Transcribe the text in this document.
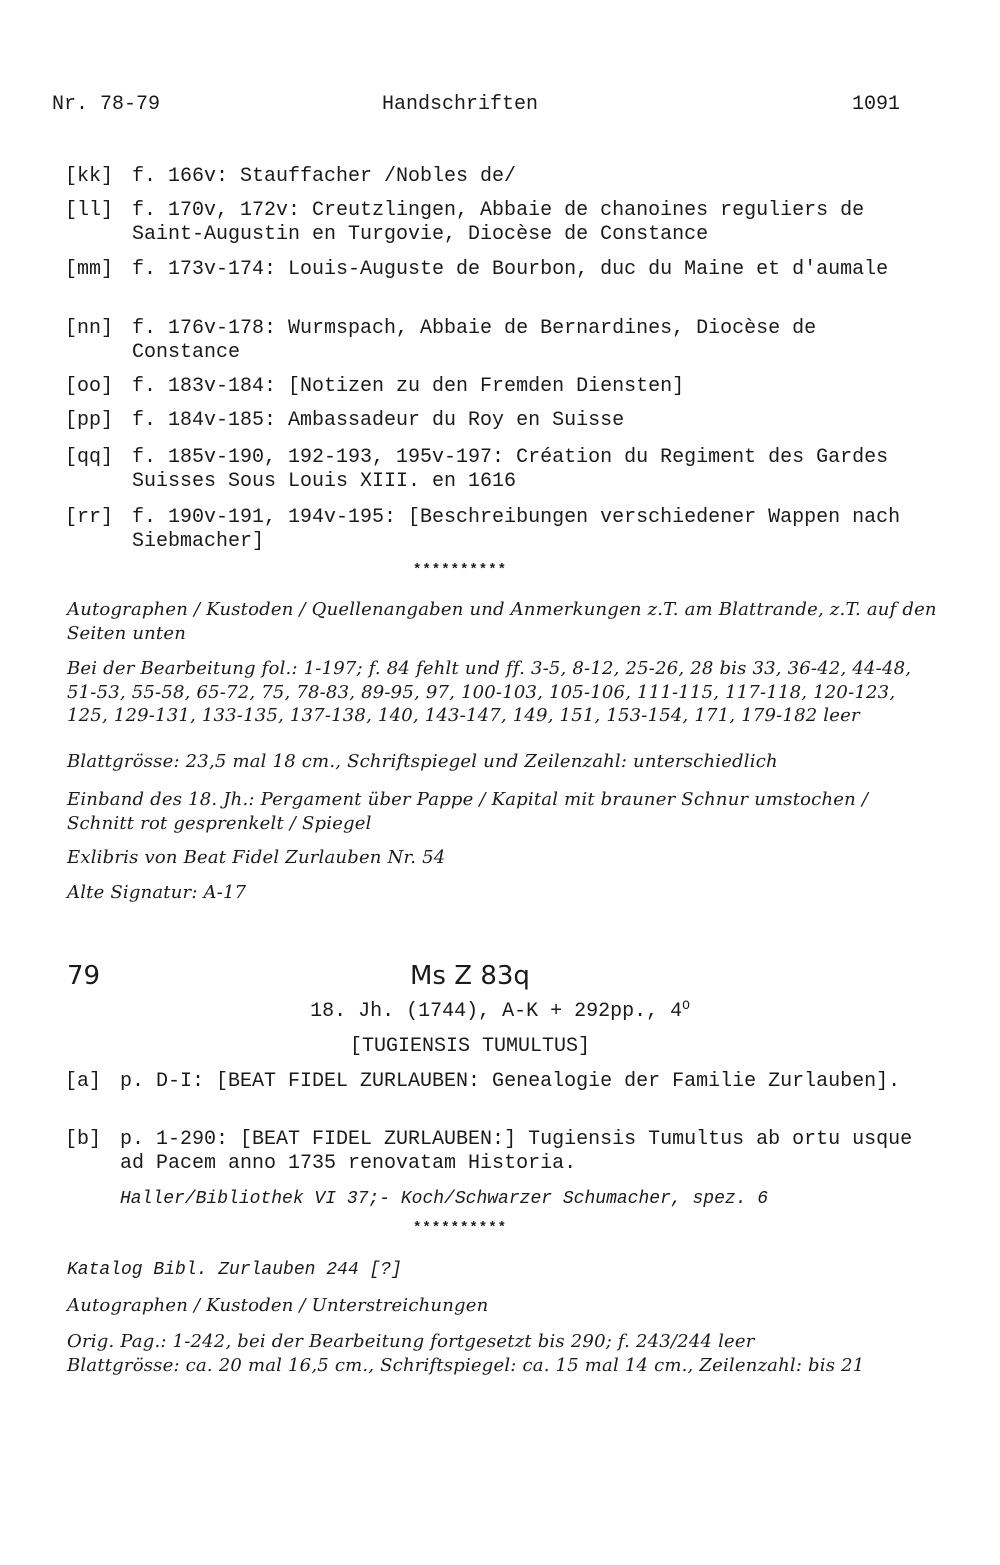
Nr. 78-79	Handschriften	1091
[kk] f. 166v: Stauffacher /Nobles de/
[ll] f. 170v, 172v: Creutzlingen, Abbaie de chanoines reguliers de Saint-Augustin en Turgovie, Diocèse de Constance
[mm] f. 173v-174: Louis-Auguste de Bourbon, duc du Maine et d'aumale
[nn] f. 176v-178: Wurmspach, Abbaie de Bernardines, Diocèse de Constance
[oo] f. 183v-184: [Notizen zu den Fremden Diensten]
[pp] f. 184v-185: Ambassadeur du Roy en Suisse
[qq] f. 185v-190, 192-193, 195v-197: Création du Regiment des Gardes Suisses Sous Louis XIII. en 1616
[rr] f. 190v-191, 194v-195: [Beschreibungen verschiedener Wappen nach Siebmacher]
**********
Autographen / Kustoden / Quellenangaben und Anmerkungen z.T. am Blattrande, z.T. auf den Seiten unten
Bei der Bearbeitung fol.: 1-197; f. 84 fehlt und ff. 3-5, 8-12, 25-26, 28 bis 33, 36-42, 44-48, 51-53, 55-58, 65-72, 75, 78-83, 89-95, 97, 100-103, 105-106, 111-115, 117-118, 120-123, 125, 129-131, 133-135, 137-138, 140, 143-147, 149, 151, 153-154, 171, 179-182 leer
Blattgrösse: 23,5 mal 18 cm., Schriftspiegel und Zeilenzahl: unterschiedlich
Einband des 18. Jh.: Pergament über Pappe / Kapital mit brauner Schnur umstochen / Schnitt rot gesprenkelt / Spiegel
Exlibris von Beat Fidel Zurlauben Nr. 54
Alte Signatur: A-17
79	Ms Z 83q
18. Jh. (1744), A-K + 292pp., $4^O$
[TUGIENSIS TUMULTUS]
[a] p. D-I: [BEAT FIDEL ZURLAUBEN: Genealogie der Familie Zurlauben].
[b] p. 1-290: [BEAT FIDEL ZURLAUBEN:] Tugiensis Tumultus ab ortu usque ad Pacem anno 1735 renovatam Historia.
Haller/Bibliothek VI 37;- Koch/Schwarzer Schumacher, spez. 6
**********
Katalog Bibl. Zurlauben 244 [?]
Autographen / Kustoden / Unterstreichungen
Orig. Pag.: 1-242, bei der Bearbeitung fortgesetzt bis 290; f. 243/244 leer
Blattgrösse: ca. 20 mal 16,5 cm., Schriftspiegel: ca. 15 mal 14 cm., Zeilenzahl: bis 21
